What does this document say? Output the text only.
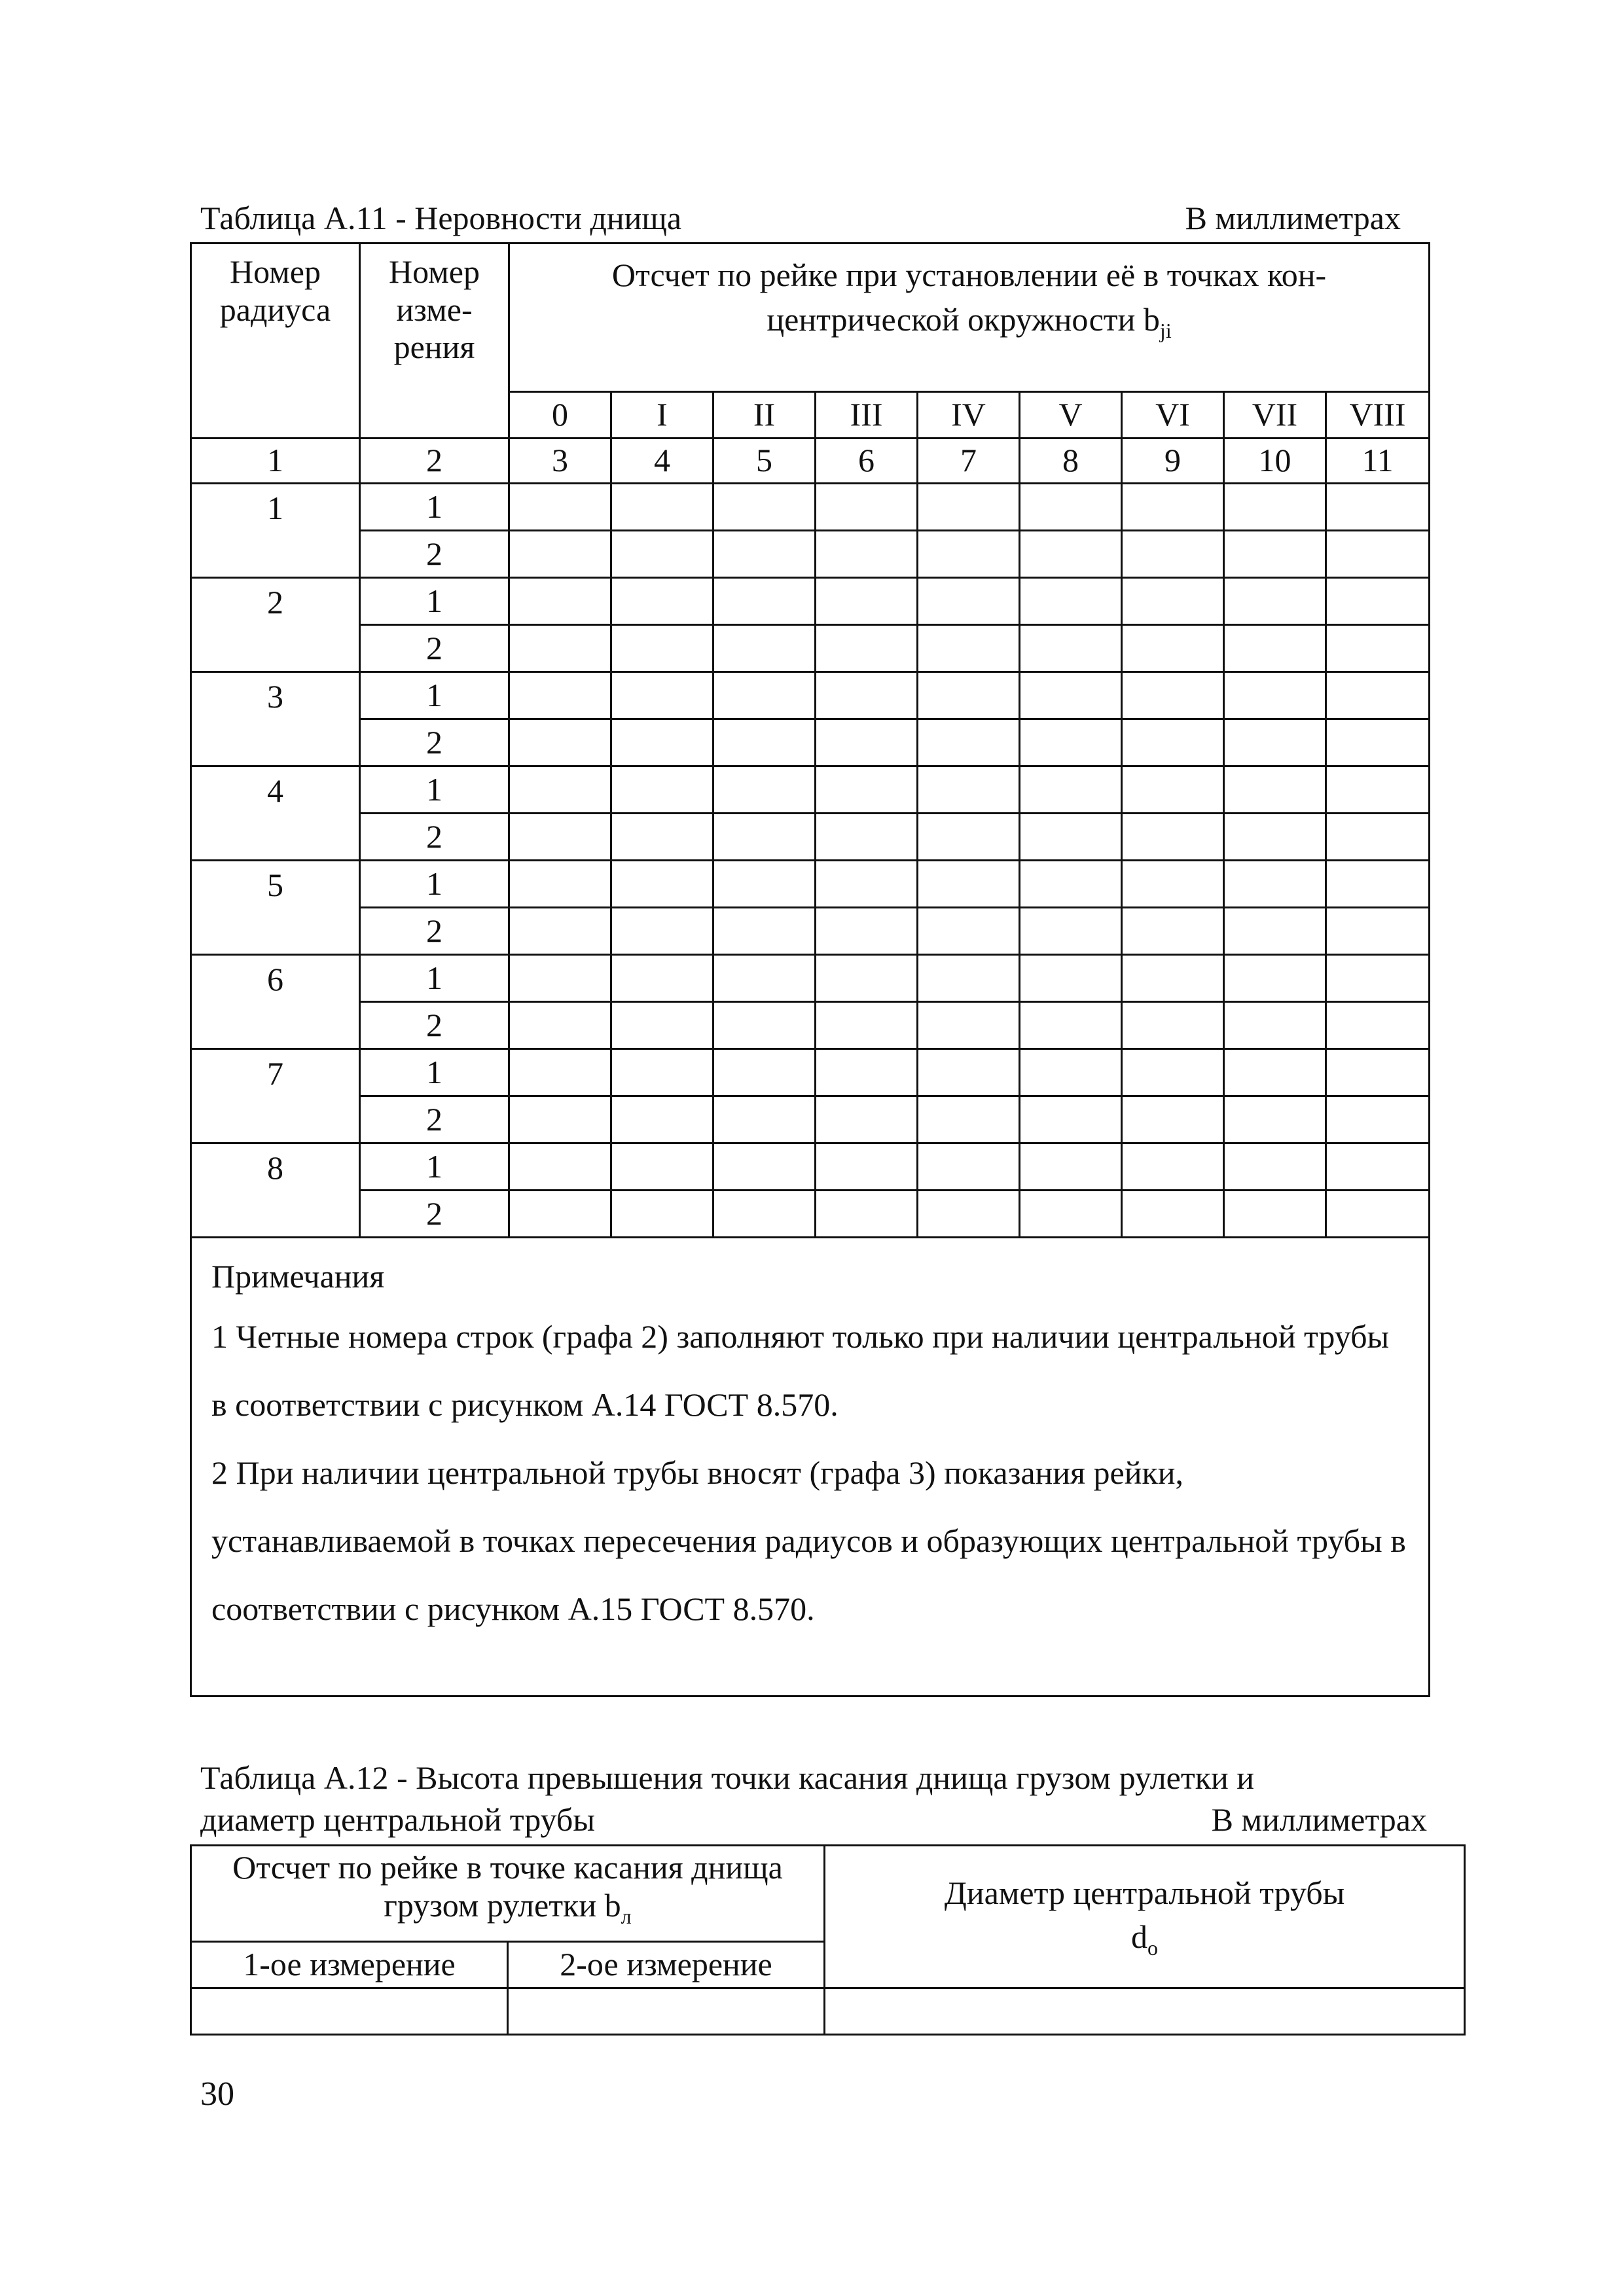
Таблица А.11 - Неровности днища	В миллиметрах
Номер радиуса	Номер изме-рения	Отсчет по рейке при установлении её в точках кон-центрической окружности $b_{ji}$
		0	I	II	III	IV	V	VI	VII	VIII
1	2	3	4	5	6	7	8	9	10	11
1	1									
	2									
2	1									
	2									
3	1									
	2									
4	1									
	2									
5	1									
	2									
6	1									
	2									
7	1									
	2									
8	1									
	2									

Примечания
1 Четные номера строк (графа 2) заполняют только при наличии центральной трубы в соответствии с рисунком А.14 ГОСТ 8.570.
2 При наличии центральной трубы вносят (графа 3) показания рейки, устанавливаемой в точках пересечения радиусов и образующих центральной трубы в соответствии с рисунком А.15 ГОСТ 8.570.										
Таблица А.12 - Высота превышения точки касания днища грузом рулетки и
диаметр центральной трубы	В миллиметрах
Отсчет по рейке в точке касания днища грузом рулетки $b_л$		Диаметр центральной трубы
$d_o$
1-ое измерение	2-ое измерение	

30
